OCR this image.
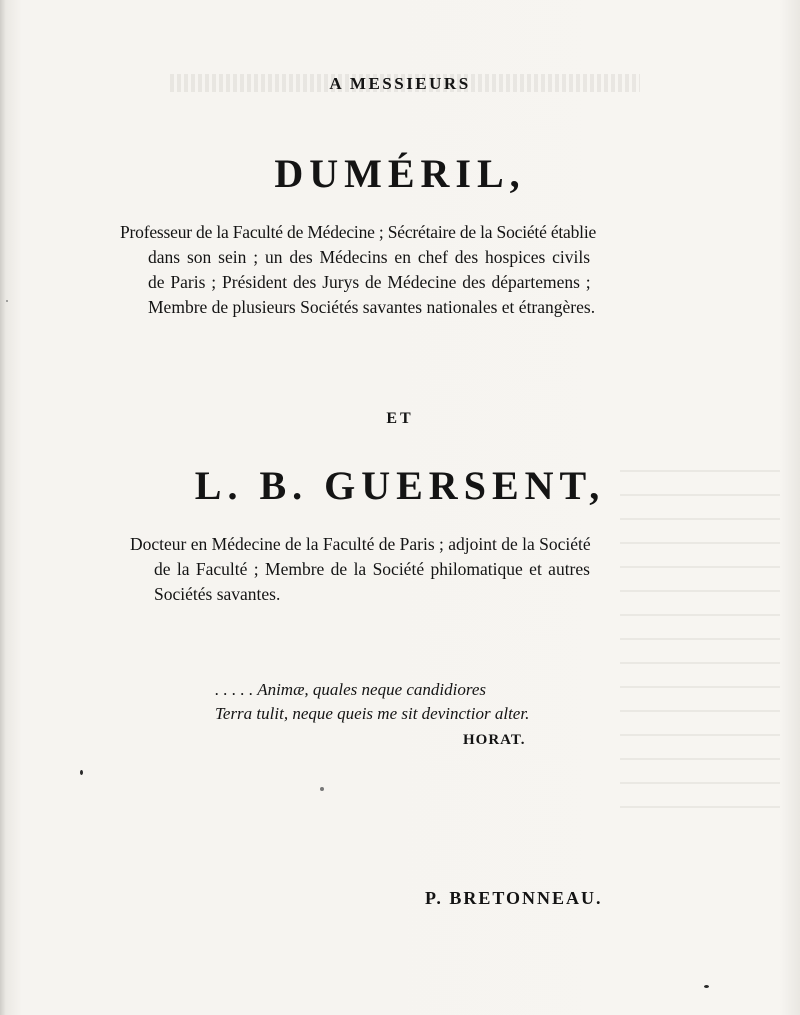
A MESSIEURS
DUMÉRIL,
Professeur de la Faculté de Médecine ; Sécrétaire de la Société établie
dans son sein ; un des Médecins en chef des hospices civils
de Paris ; Président des Jurys de Médecine des départemens ;
Membre de plusieurs Sociétés savantes nationales et étrangères.
ET
L. B. GUERSENT,
Docteur en Médecine de la Faculté de Paris ; adjoint de la Société
de la Faculté ; Membre de la Société philomatique et autres
Sociétés savantes.
. . . . . Animæ, quales neque candidiores
Terra tulit, neque queis me sit devinctior alter.
HORAT.
P. BRETONNEAU.
